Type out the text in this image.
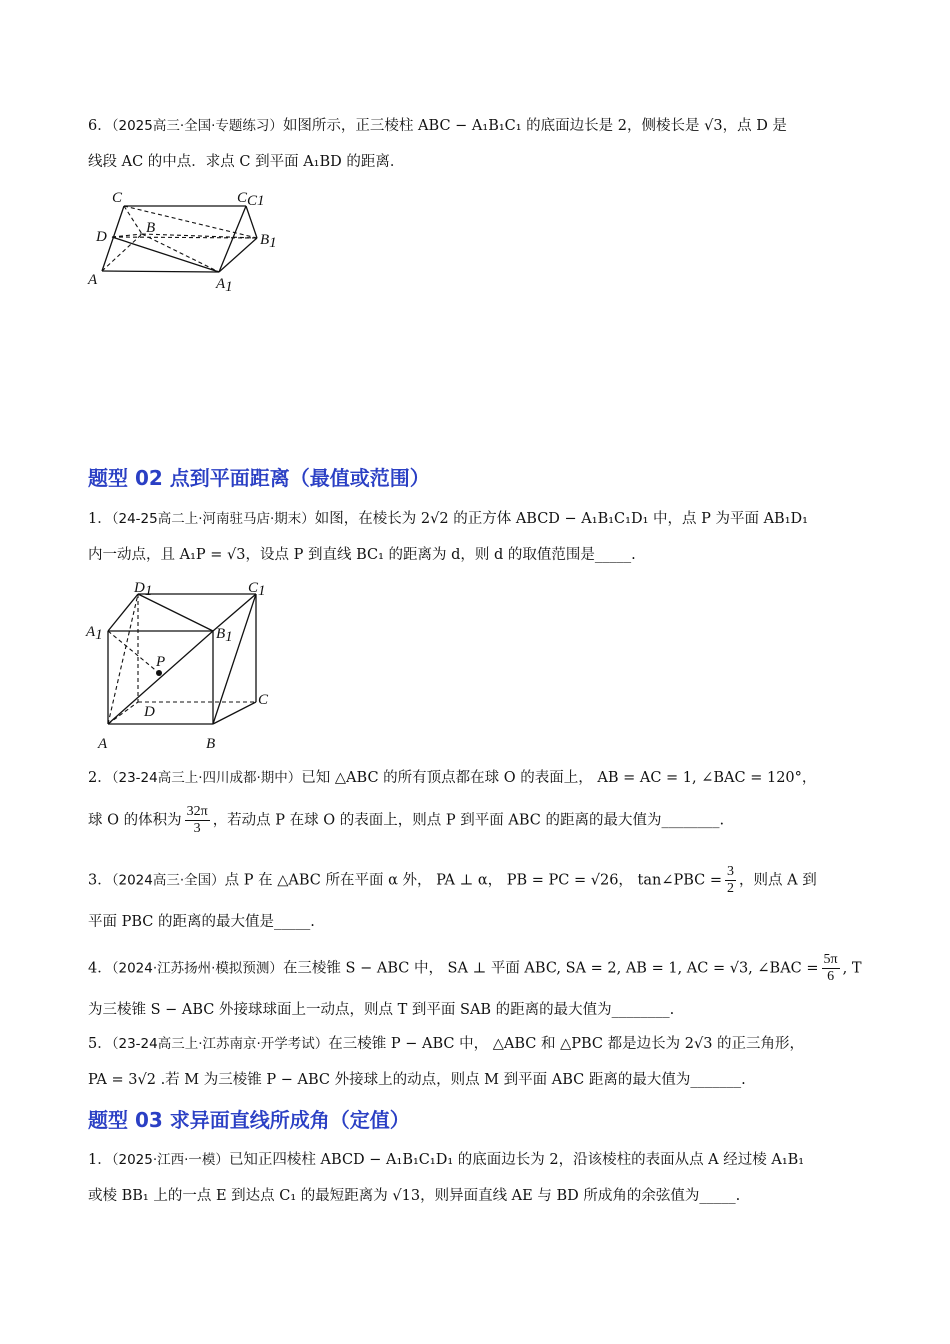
6．（2025高三·全国·专题练习）如图所示，正三棱柱 ABC − A₁B₁C₁ 的底面边长是 2，侧棱长是 √3，点 D 是
线段 AC 的中点．求点 C 到平面 A₁BD 的距离．
C	CC1
D
B
B1
A	A1
题型 02 点到平面距离（最值或范围）
1．（24-25高二上·河南驻马店·期末）如图，在棱长为 2√2 的正方体 ABCD − A₁B₁C₁D₁ 中，点 P 为平面 AB₁D₁
内一动点，且 A₁P = √3，设点 P 到直线 BC₁ 的距离为 d，则 d 的取值范围是_____.
D1	C1
A1	B1
P
D
C
A	B
2．（23-24高三上·四川成都·期中）已知 △ABC 的所有顶点都在球 O 的表面上， AB = AC = 1, ∠BAC = 120°，
球 O 的体积为 $\frac{32\pi}{3}$ ，若动点 P 在球 O 的表面上，则点 P 到平面 ABC 的距离的最大值为________.
3．（2024高三·全国）点 P 在 △ABC 所在平面 α 外， PA ⊥ α， PB = PC = √26， tan∠PBC = $\frac{3}{2}$ ，则点 A 到
平面 PBC 的距离的最大值是_____.
4．（2024·江苏扬州·模拟预测）在三棱锥 S − ABC 中， SA ⊥ 平面 ABC, SA = 2, AB = 1, AC = √3, ∠BAC = $\frac{5\pi}{6}$ , T
为三棱锥 S − ABC 外接球球面上一动点，则点 T 到平面 SAB 的距离的最大值为________.
5．（23-24高三上·江苏南京·开学考试）在三棱锥 P − ABC 中， △ABC 和 △PBC 都是边长为 2√3 的正三角形，
PA = 3√2 .若 M 为三棱锥 P − ABC 外接球上的动点，则点 M 到平面 ABC 距离的最大值为_______.
题型 03 求异面直线所成角（定值）
1．（2025·江西·一模）已知正四棱柱 ABCD − A₁B₁C₁D₁ 的底面边长为 2，沿该棱柱的表面从点 A 经过棱 A₁B₁
或棱 BB₁ 上的一点 E 到达点 C₁ 的最短距离为 √13，则异面直线 AE 与 BD 所成角的余弦值为_____.
